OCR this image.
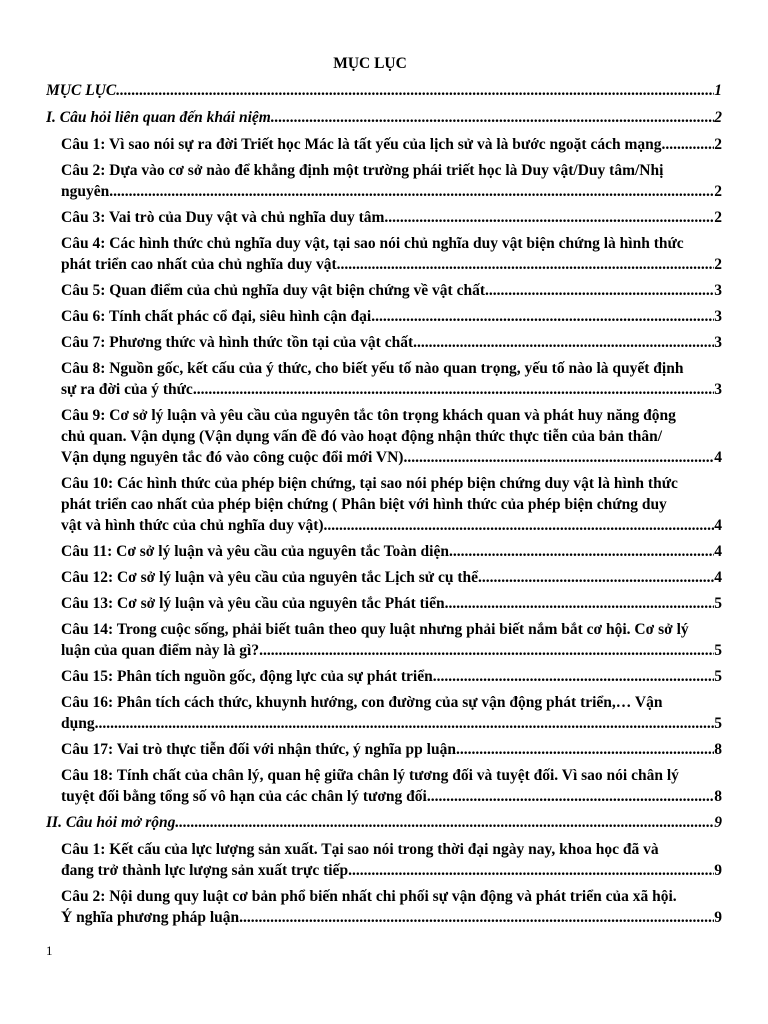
MỤC LỤC
MỤC LỤC .....	1
I. Câu hỏi liên quan đến khái niệm .....	2
Câu 1: Vì sao nói sự ra đời Triết học Mác là tất yếu của lịch sử và là bước ngoặt cách mạng .....	2
Câu 2: Dựa vào cơ sở nào để khẳng định một trường phái triết học là Duy vật/Duy tâm/Nhị
nguyên .....	2
Câu 3: Vai trò của Duy vật và chủ nghĩa duy tâm .....	2
Câu 4: Các hình thức chủ nghĩa duy vật, tại sao nói chủ nghĩa duy vật biện chứng là hình thức
phát triển cao nhất của chủ nghĩa duy vật .....	2
Câu 5: Quan điểm của chủ nghĩa duy vật biện chứng về vật chất .....	3
Câu 6: Tính chất phác cổ đại, siêu hình cận đại .....	3
Câu 7: Phương thức và hình thức tồn tại của vật chất .....	3
Câu 8: Nguồn gốc, kết cấu của ý thức, cho biết yếu tố nào quan trọng, yếu tố nào là quyết định
sự ra đời của ý thức .....	3
Câu 9: Cơ sở lý luận và yêu cầu của nguyên tắc tôn trọng khách quan và phát huy năng động
chủ quan. Vận dụng (Vận dụng vấn đề đó vào hoạt động nhận thức thực tiễn của bản thân/
Vận dụng nguyên tắc đó vào công cuộc đổi mới VN) .....	4
Câu 10: Các hình thức của phép biện chứng, tại sao nói phép biện chứng duy vật là hình thức
phát triển cao nhất của phép biện chứng ( Phân biệt với hình thức của phép biện chứng duy
vật và hình thức của chủ nghĩa duy vật) .....	4
Câu 11: Cơ sở lý luận và yêu cầu của nguyên tắc Toàn diện .....	4
Câu 12: Cơ sở lý luận và yêu cầu của nguyên tắc Lịch sử cụ thể .....	4
Câu 13: Cơ sở lý luận và yêu cầu của nguyên tắc Phát tiển .....	5
Câu 14: Trong cuộc sống, phải biết tuân theo quy luật nhưng phải biết nắm bắt cơ hội. Cơ sở lý
luận của quan điểm này là gì? .....	5
Câu 15: Phân tích nguồn gốc, động lực của sự phát triển .....	5
Câu 16: Phân tích cách thức, khuynh hướng, con đường của sự vận động phát triển,… Vận
dụng .....	5
Câu 17: Vai trò thực tiễn đối với nhận thức, ý nghĩa pp luận .....	8
Câu 18: Tính chất của chân lý, quan hệ giữa chân lý tương đối và tuyệt đối. Vì sao nói chân lý
tuyệt đối bằng tổng số vô hạn của các chân lý tương đối .....	8
II. Câu hỏi mở rộng .....	9
Câu 1: Kết cấu của lực lượng sản xuất. Tại sao nói trong thời đại ngày nay, khoa học đã và
đang trở thành lực lượng sản xuất trực tiếp .....	9
Câu 2: Nội dung quy luật cơ bản phổ biến nhất chi phối sự vận động và phát triển của xã hội.
Ý nghĩa phương pháp luận .....	9
1
